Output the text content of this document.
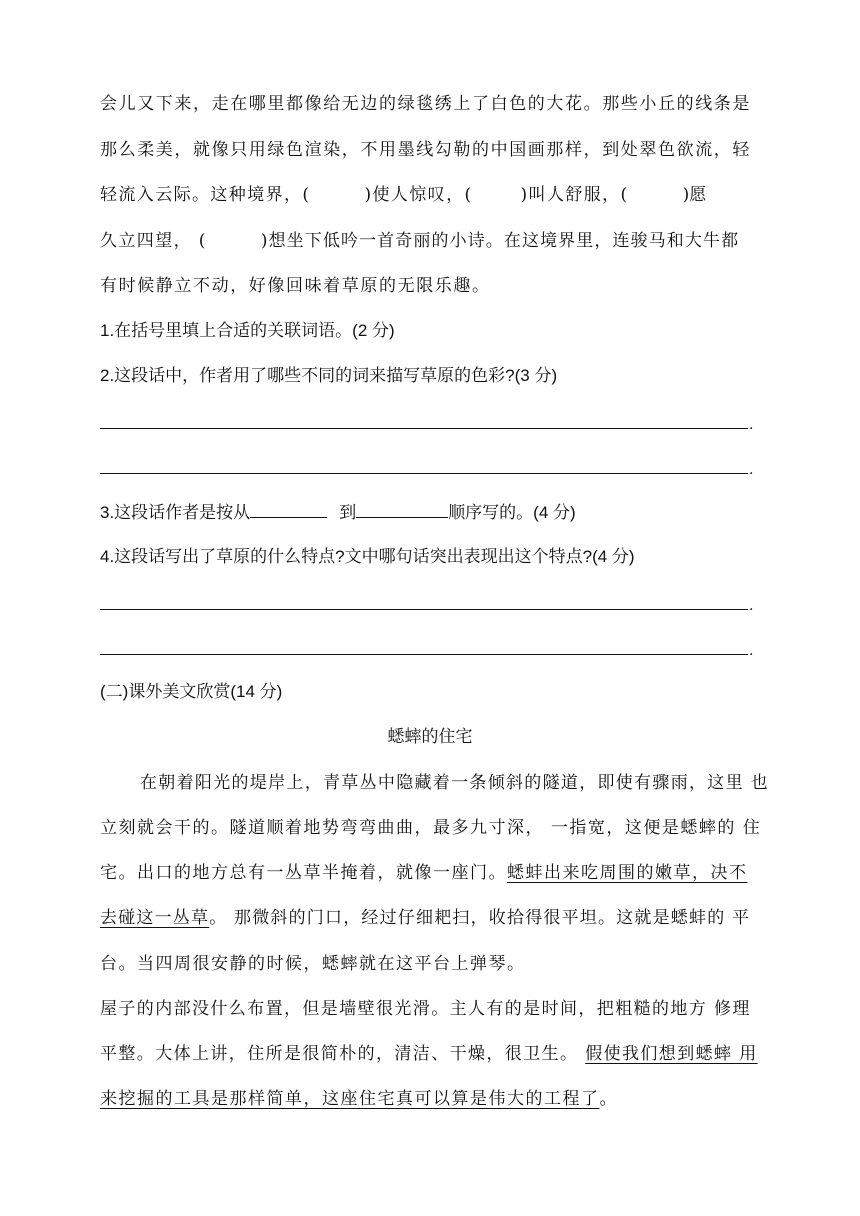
会儿又下来，走在哪里都像给无边的绿毯绣上了白色的大花。那些小丘的线条是
那么柔美，就像只用绿色渲染，不用墨线勾勒的中国画那样，到处翠色欲流，轻
轻流入云际。这种境界，(	)使人惊叹，(	)叫人舒服，(	)愿
久立四望， (	)想坐下低吟一首奇丽的小诗。在这境界里，连骏马和大牛都
有时候静立不动，好像回味着草原的无限乐趣。
1.在括号里填上合适的关联词语。(2 分)
2.这段话中，作者用了哪些不同的词来描写草原的色彩?(3 分)
.
.
3.这段话作者是按从	到	顺序写的。(4 分)
4.这段话写出了草原的什么特点?文中哪句话突出表现出这个特点?(4 分)
.
.
(二)课外美文欣赏(14 分)
蟋蟀的住宅
在朝着阳光的堤岸上，青草丛中隐藏着一条倾斜的隧道，即使有骤雨，这里 也
立刻就会干的。隧道顺着地势弯弯曲曲，最多九寸深， 一指宽，这便是蟋蟀的 住
宅。出口的地方总有一丛草半掩着，就像一座门。蟋蚌出来吃周围的嫩草，决不
去碰这一丛草。 那微斜的门口，经过仔细耙扫，收拾得很平坦。这就是蟋蚌的 平
台。当四周很安静的时候，蟋蟀就在这平台上弹琴。
屋子的内部没什么布置，但是墙壁很光滑。主人有的是时间，把粗糙的地方 修理
平整。大体上讲，住所是很简朴的，清洁、干燥，很卫生。 假使我们想到蟋蟀 用
来挖掘的工具是那样简单，这座住宅真可以算是伟大的工程了。
